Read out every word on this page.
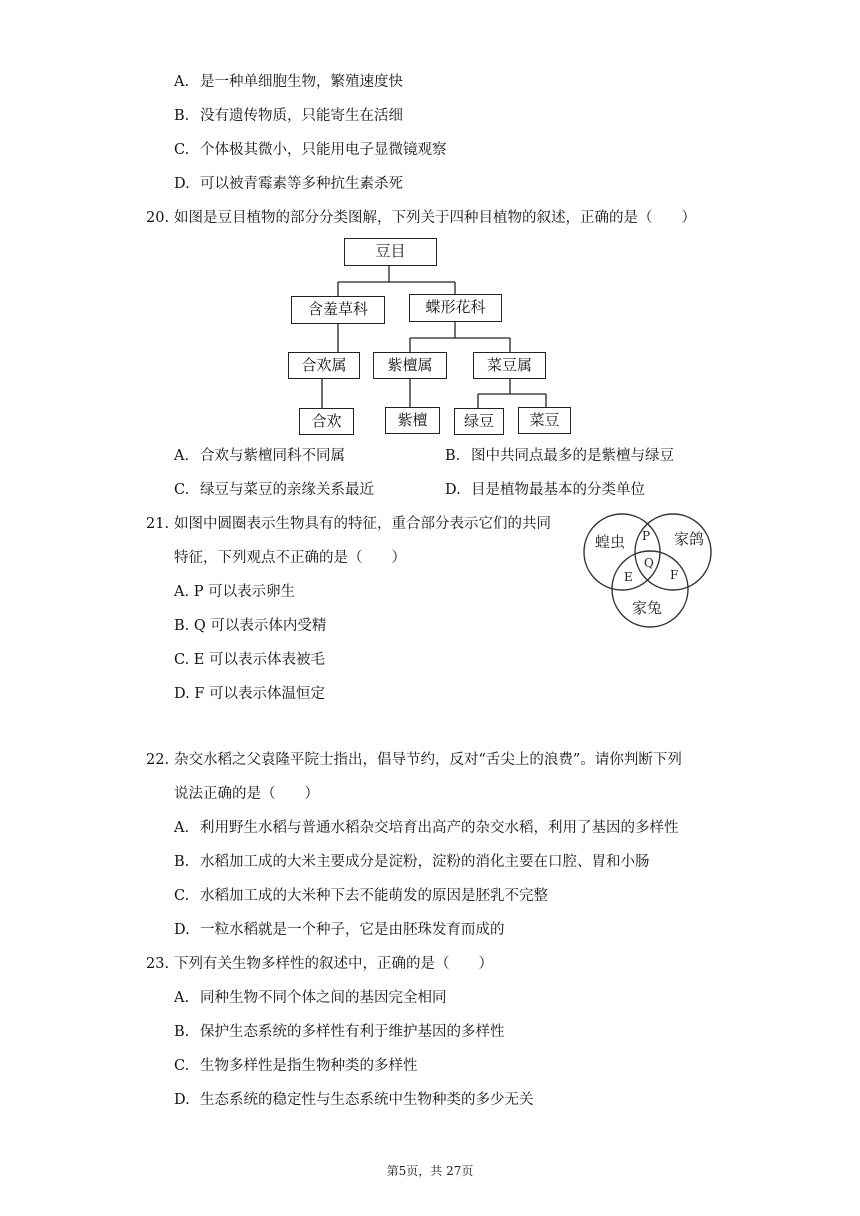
A. 是一种单细胞生物，繁殖速度快
B. 没有遗传物质，只能寄生在活细
C. 个体极其微小，只能用电子显微镜观察
D. 可以被青霉素等多种抗生素杀死
20. 如图是豆目植物的部分分类图解，下列关于四种目植物的叙述，正确的是（　　）
豆目
含羞草科	蝶形花科
合欢属	紫檀属	菜豆属
合欢	紫檀	绿豆	菜豆
A. 合欢与紫檀同科不同属	B. 图中共同点最多的是紫檀与绿豆
C. 绿豆与菜豆的亲缘关系最近	D. 目是植物最基本的分类单位
21. 如图中圆圈表示生物具有的特征，重合部分表示它们的共同
特征，下列观点不正确的是（　　）
蝗虫	家鸽
家兔
P
Q
E	F
A. P 可以表示卵生
B. Q 可以表示体内受精
C. E 可以表示体表被毛
D. F 可以表示体温恒定
22. 杂交水稻之父袁隆平院士指出，倡导节约，反对“舌尖上的浪费”。请你判断下列
说法正确的是（　　）
A. 利用野生水稻与普通水稻杂交培育出高产的杂交水稻，利用了基因的多样性
B. 水稻加工成的大米主要成分是淀粉，淀粉的消化主要在口腔、胃和小肠
C. 水稻加工成的大米种下去不能萌发的原因是胚乳不完整
D. 一粒水稻就是一个种子，它是由胚珠发育而成的
23. 下列有关生物多样性的叙述中，正确的是（　　）
A. 同种生物不同个体之间的基因完全相同
B. 保护生态系统的多样性有利于维护基因的多样性
C. 生物多样性是指生物种类的多样性
D. 生态系统的稳定性与生态系统中生物种类的多少无关
第5页，共 27页
